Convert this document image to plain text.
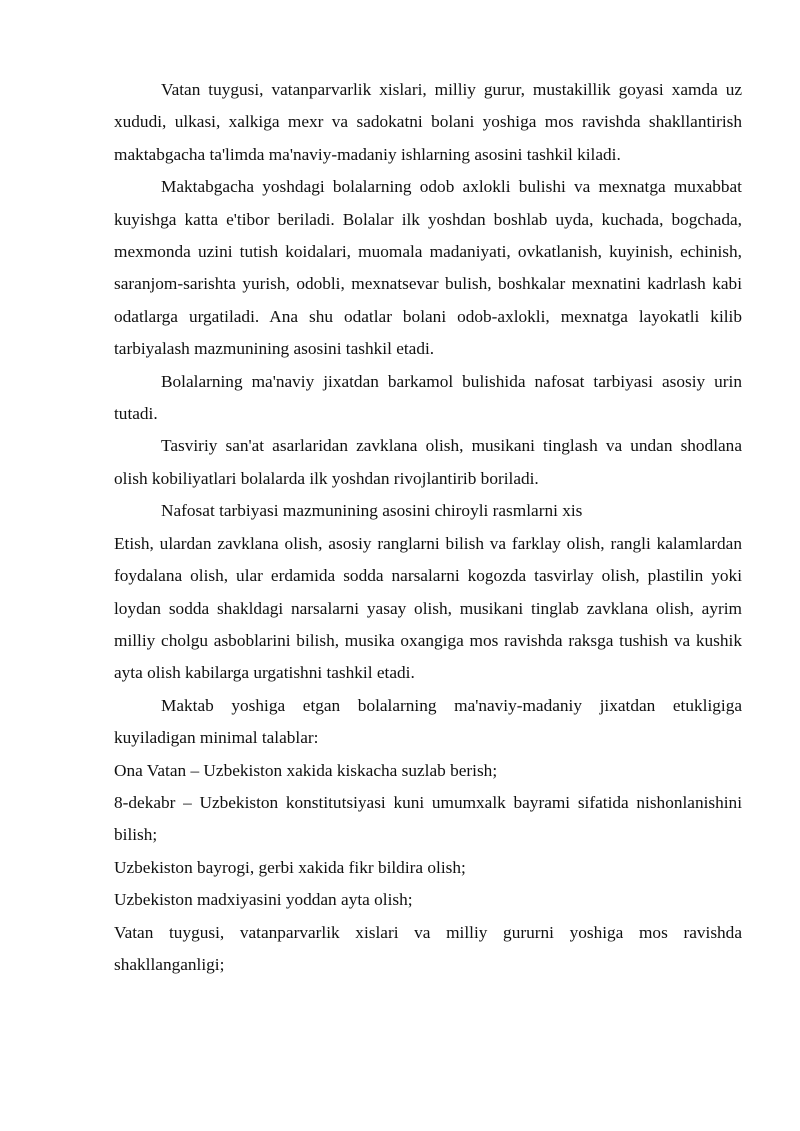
Vatan tuygusi, vatanparvarlik xislari, milliy gurur, mustakillik goyasi xamda uz xududi, ulkasi, xalkiga mexr va sadokatni bolani yoshiga mos ravishda shakllantirish maktabgacha ta'limda ma'naviy-madaniy ishlarning asosini tashkil kiladi.

Maktabgacha yoshdagi bolalarning odob axlokli bulishi va mexnatga muxabbat kuyishga katta e'tibor beriladi. Bolalar ilk yoshdan boshlab uyda, kuchada, bogchada, mexmonda uzini tutish koidalari, muomala madaniyati, ovkatlanish, kuyinish, echinish, saranjom-sarishta yurish, odobli, mexnatsevar bulish, boshkalar mexnatini kadrlash kabi odatlarga urgatiladi. Ana shu odatlar bolani odob-axlokli, mexnatga layokatli kilib tarbiyalash mazmunining asosini tashkil etadi.

Bolalarning ma'naviy jixatdan barkamol bulishida nafosat tarbiyasi asosiy urin tutadi.

Tasviriy san'at asarlaridan zavklana olish, musikani tinglash va undan shodlana olish kobiliyatlari bolalarda ilk yoshdan rivojlantirib boriladi.

Nafosat tarbiyasi mazmunining asosini chiroyli rasmlarni xis

Etish, ulardan zavklana olish, asosiy ranglarni bilish va farklay olish, rangli kalamlardan foydalana olish, ular erdamida sodda narsalarni kogozda tasvirlay olish, plastilin yoki loydan sodda shakldagi narsalarni yasay olish, musikani tinglab zavklana olish, ayrim milliy cholgu asboblarini bilish, musika oxangiga mos ravishda raksga tushish va kushik ayta olish kabilarga urgatishni tashkil etadi.

Maktab yoshiga etgan bolalarning ma'naviy-madaniy jixatdan etukligiga kuyiladigan minimal talablar:

Ona Vatan – Uzbekiston xakida kiskacha suzlab berish;

8-dekabr – Uzbekiston konstitutsiyasi kuni umumxalk bayrami sifatida nishonlanishini bilish;

Uzbekiston bayrogi, gerbi xakida fikr bildira olish;

Uzbekiston madxiyasini yoddan ayta olish;

Vatan tuygusi, vatanparvarlik xislari va milliy gururni yoshiga mos ravishda shakllanganligi;
